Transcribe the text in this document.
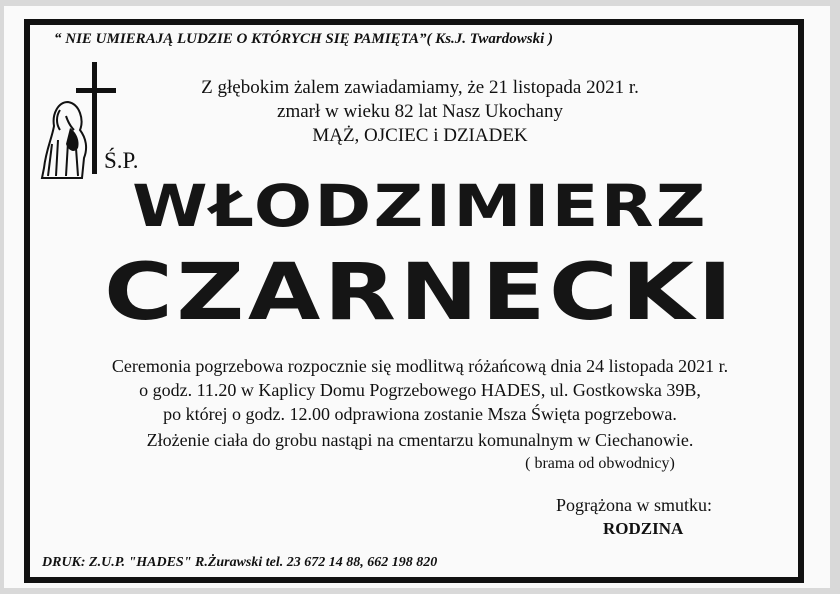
“ NIE UMIERAJĄ LUDZIE O KTÓRYCH SIĘ PAMIĘTA”( Ks.J. Twardowski )
Z głębokim żalem zawiadamiamy, że 21 listopada 2021 r.
zmarł w wieku 82 lat Nasz Ukochany
MĄŻ, OJCIEC i DZIADEK
Ś.P.
WŁODZIMIERZ
CZARNECKI
Ceremonia pogrzebowa rozpocznie się modlitwą różańcową dnia 24 listopada 2021 r.
o godz. 11.20 w Kaplicy Domu Pogrzebowego HADES, ul. Gostkowska 39B,
po której o godz. 12.00 odprawiona zostanie Msza Święta pogrzebowa.
Złożenie ciała do grobu nastąpi na cmentarzu komunalnym w Ciechanowie.
( brama od obwodnicy)
Pogrążona w smutku:
RODZINA
DRUK: Z.U.P. "HADES" R.Żurawski tel. 23 672 14 88, 662 198 820
